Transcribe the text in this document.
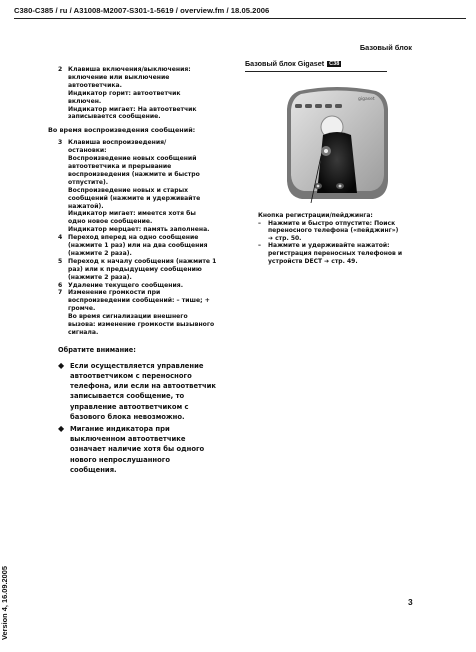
C380-C385 / ru / A31008-M2007-S301-1-5619 / overview.fm / 18.05.2006
Базовый блок
2 Клавиша включения/выключения:
включение или выключение
автоответчика.
Индикатор горит: автоответчик
включен.
Индикатор мигает: На автоответчик
записывается сообщение.
Во время воспроизведения сообщений:
3 Клавиша воспроизведения/
остановки:
Воспроизведение новых сообщений
автоответчика и прерывание
воспроизведения (нажмите и быстро
отпустите).
Воспроизведение новых и старых
сообщений (нажмите и удерживайте
нажатой).
Индикатор мигает: имеется хотя бы
одно новое сообщение.
Индикатор мерцает: память заполнена.
4 Переход вперед на одно сообщение
(нажмите 1 раз) или на два сообщения
(нажмите 2 раза).
5 Переход к началу сообщения (нажмите 1
раз) или к предыдущему сообщению
(нажмите 2 раза).
6 Удаление текущего сообщения.
7 Изменение громкости при
воспроизведении сообщений: – тише; +
громче.
Во время сигнализации внешнего
вызова: изменение громкости вызывного
сигнала.
Обратите внимание:
◆ Если осуществляется управление
автоответчиком с переносного
телефона, или если на автоответчик
записывается сообщение, то
управление автоответчиком с
базового блока невозможно.
◆ Мигание индикатора при
выключенном автоответчике
означает наличие хотя бы одного
нового непрослушанного
сообщения.
Базовый блок Gigaset C38
gigaset
Кнопка регистрации/пейджинга:
– Нажмите и быстро отпустите: Поиск
переносного телефона («пейджинг»)
➔ стр. 50.
– Нажмите и удерживайте нажатой:
регистрация переносных телефонов и
устройств DECT ➔ стр. 49.
3
Version 4, 16.09.2005
